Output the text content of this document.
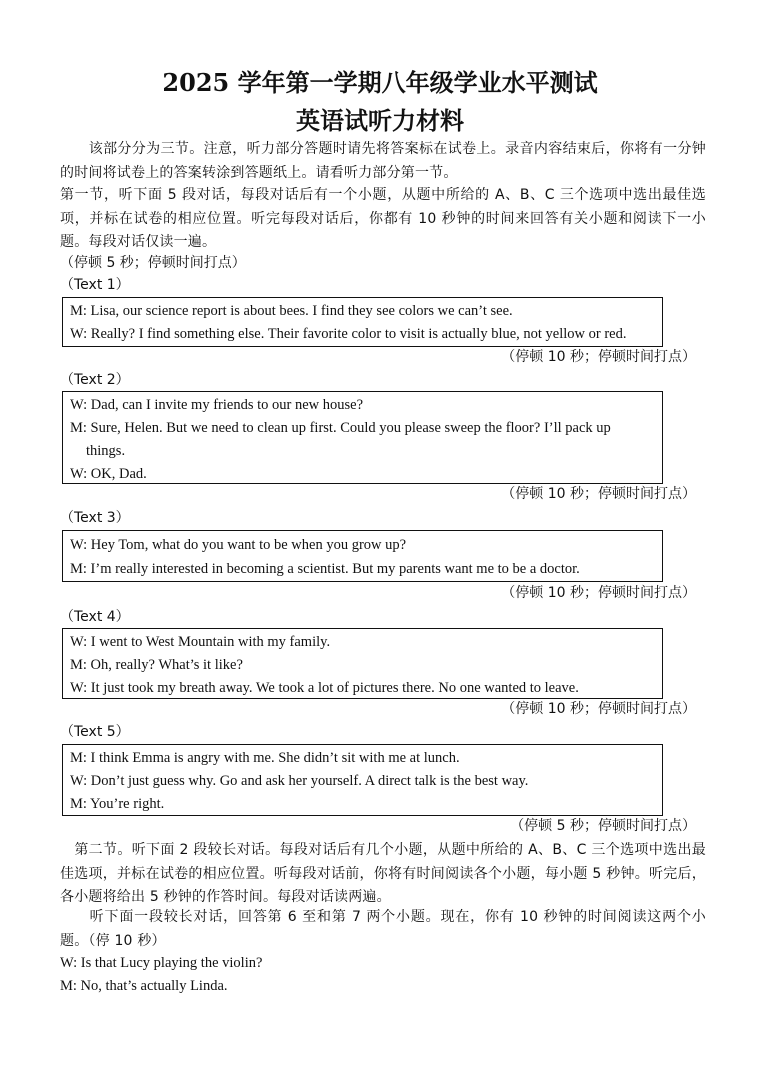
2025 学年第一学期八年级学业水平测试
英语试听力材料
　　该部分分为三节。注意，听力部分答题时请先将答案标在试卷上。录音内容结束后，你将有一分钟的时间将试卷上的答案转涂到答题纸上。请看听力部分第一节。
第一节，听下面 5 段对话，每段对话后有一个小题，从题中所给的 A、B、C 三个选项中选出最佳选项，并标在试卷的相应位置。听完每段对话后，你都有 10 秒钟的时间来回答有关小题和阅读下一小题。每段对话仅读一遍。
（停顿 5 秒；停顿时间打点）
（Text 1）
M: Lisa, our science report is about bees. I find they see colors we can’t see.
W: Really? I find something else. Their favorite color to visit is actually blue, not yellow or red.
（停顿 10 秒；停顿时间打点）
（Text 2）
W: Dad, can I invite my friends to our new house?
M: Sure, Helen. But we need to clean up first. Could you please sweep the floor? I’ll pack up
things.
W: OK, Dad.
（停顿 10 秒；停顿时间打点）
（Text 3）
W: Hey Tom, what do you want to be when you grow up?
M: I’m really interested in becoming a scientist. But my parents want me to be a doctor.
（停顿 10 秒；停顿时间打点）
（Text 4）
W: I went to West Mountain with my family.
M: Oh, really? What’s it like?
W: It just took my breath away. We took a lot of pictures there. No one wanted to leave.
（停顿 10 秒；停顿时间打点）
（Text 5）
M: I think Emma is angry with me. She didn’t sit with me at lunch.
W: Don’t just guess why. Go and ask her yourself. A direct talk is the best way.
M: You’re right.
（停顿 5 秒；停顿时间打点）
　第二节。听下面 2 段较长对话。每段对话后有几个小题，从题中所给的 A、B、C 三个选项中选出最佳选项，并标在试卷的相应位置。听每段对话前，你将有时间阅读各个小题，每小题 5 秒钟。听完后，各小题将给出 5 秒钟的作答时间。每段对话读两遍。
　　听下面一段较长对话，回答第 6 至和第 7 两个小题。现在，你有 10 秒钟的时间阅读这两个小题。（停 10 秒）
W: Is that Lucy playing the violin?
M: No, that’s actually Linda.
